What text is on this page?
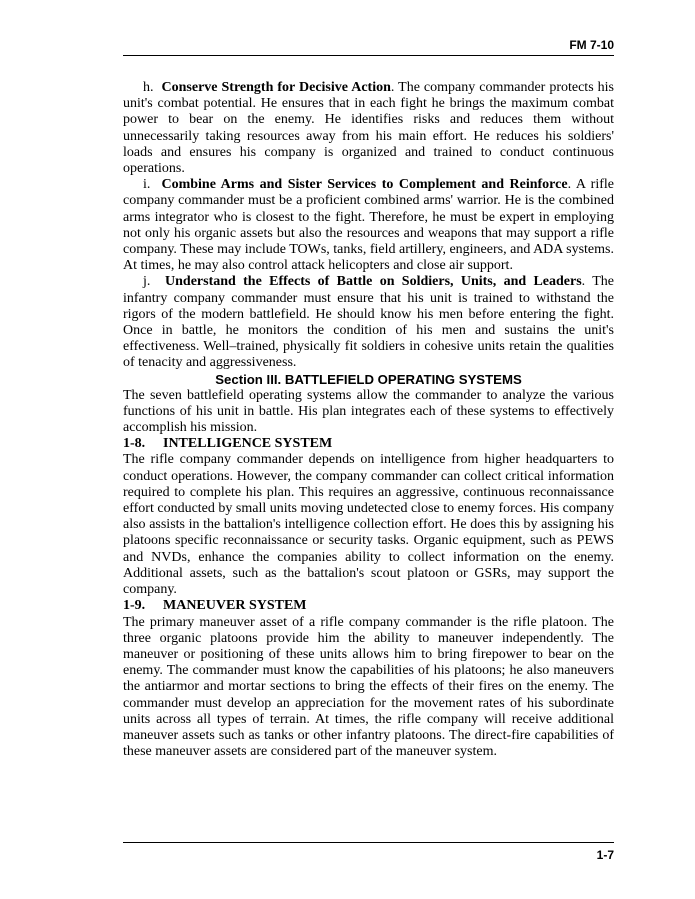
FM 7-10

h. Conserve Strength for Decisive Action. The company commander protects his unit's combat potential. He ensures that in each fight he brings the maximum combat power to bear on the enemy. He identifies risks and reduces them without unnecessarily taking resources away from his main effort. He reduces his soldiers' loads and ensures his company is organized and trained to conduct continuous operations.

i. Combine Arms and Sister Services to Complement and Reinforce. A rifle company commander must be a proficient combined arms' warrior. He is the combined arms integrator who is closest to the fight. Therefore, he must be expert in employing not only his organic assets but also the resources and weapons that may support a rifle company. These may include TOWs, tanks, field artillery, engineers, and ADA systems. At times, he may also control attack helicopters and close air support.

j. Understand the Effects of Battle on Soldiers, Units, and Leaders. The infantry company commander must ensure that his unit is trained to withstand the rigors of the modern battlefield. He should know his men before entering the fight. Once in battle, he monitors the condition of his men and sustains the unit's effectiveness. Well–trained, physically fit soldiers in cohesive units retain the qualities of tenacity and aggressiveness.

Section III. BATTLEFIELD OPERATING SYSTEMS

The seven battlefield operating systems allow the commander to analyze the various functions of his unit in battle. His plan integrates each of these systems to effectively accomplish his mission.

1-8. INTELLIGENCE SYSTEM

The rifle company commander depends on intelligence from higher headquarters to conduct operations. However, the company commander can collect critical information required to complete his plan. This requires an aggressive, continuous reconnaissance effort conducted by small units moving undetected close to enemy forces. His company also assists in the battalion's intelligence collection effort. He does this by assigning his platoons specific reconnaissance or security tasks. Organic equipment, such as PEWS and NVDs, enhance the companies ability to collect information on the enemy. Additional assets, such as the battalion's scout platoon or GSRs, may support the company.

1-9. MANEUVER SYSTEM

The primary maneuver asset of a rifle company commander is the rifle platoon. The three organic platoons provide him the ability to maneuver independently. The maneuver or positioning of these units allows him to bring firepower to bear on the enemy. The commander must know the capabilities of his platoons; he also maneuvers the antiarmor and mortar sections to bring the effects of their fires on the enemy. The commander must develop an appreciation for the movement rates of his subordinate units across all types of terrain. At times, the rifle company will receive additional maneuver assets such as tanks or other infantry platoons. The direct-fire capabilities of these maneuver assets are considered part of the maneuver system.

1-7
